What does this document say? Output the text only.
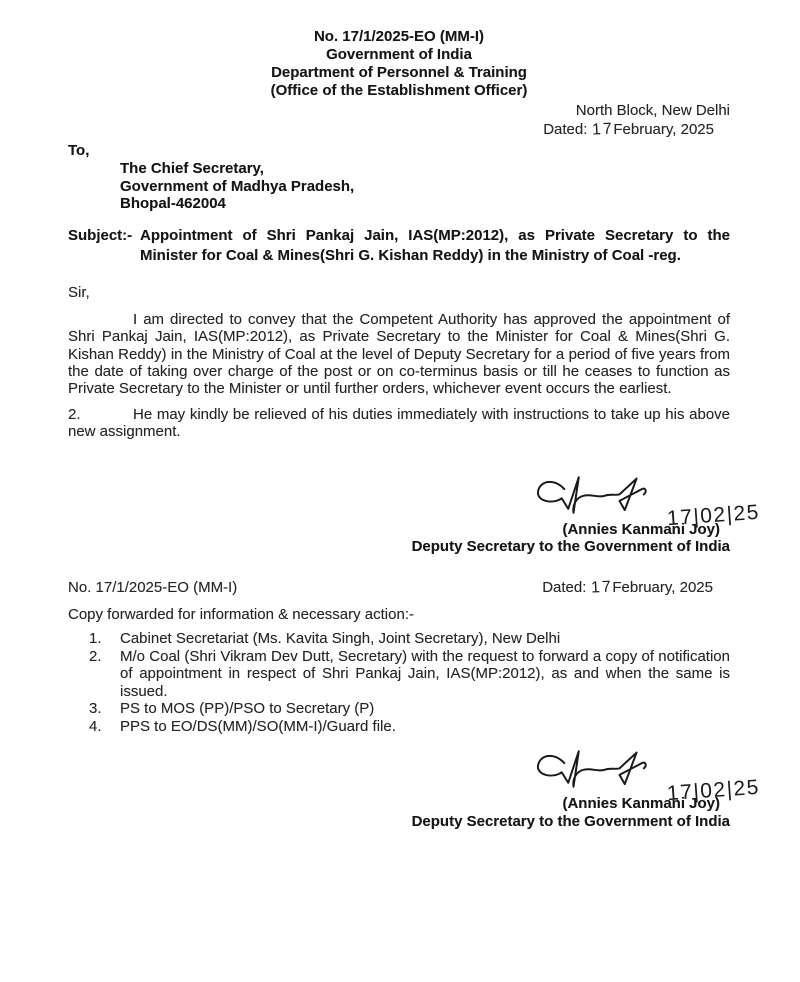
No. 17/1/2025-EO (MM-I)
Government of India
Department of Personnel & Training
(Office of the Establishment Officer)
North Block, New Delhi
Dated: 17February, 2025
To,
The Chief Secretary,
Government of Madhya Pradesh,
Bhopal-462004
Subject:- Appointment of Shri Pankaj Jain, IAS(MP:2012), as Private Secretary to the Minister for Coal & Mines(Shri G. Kishan Reddy) in the Ministry of Coal -reg.
Sir,

I am directed to convey that the Competent Authority has approved the appointment of Shri Pankaj Jain, IAS(MP:2012), as Private Secretary to the Minister for Coal & Mines(Shri G. Kishan Reddy) in the Ministry of Coal at the level of Deputy Secretary for a period of five years from the date of taking over charge of the post or on co-terminus basis or till he ceases to function as Private Secretary to the Minister or until further orders, whichever event occurs the earliest.

2.	He may kindly be relieved of his duties immediately with instructions to take up his above new assignment.

17|02|25
(Annies Kanmani Joy)
Deputy Secretary to the Government of India
No. 17/1/2025-EO (MM-I)	Dated: 17February, 2025
Copy forwarded for information & necessary action:-
1.	Cabinet Secretariat (Ms. Kavita Singh, Joint Secretary), New Delhi
2.	M/o Coal (Shri Vikram Dev Dutt, Secretary) with the request to forward a copy of notification of appointment in respect of Shri Pankaj Jain, IAS(MP:2012), as and when the same is issued.
3.	PS to MOS (PP)/PSO to Secretary (P)
4.	PPS to EO/DS(MM)/SO(MM-I)/Guard file.
17|02|25
(Annies Kanmani Joy)
Deputy Secretary to the Government of India
